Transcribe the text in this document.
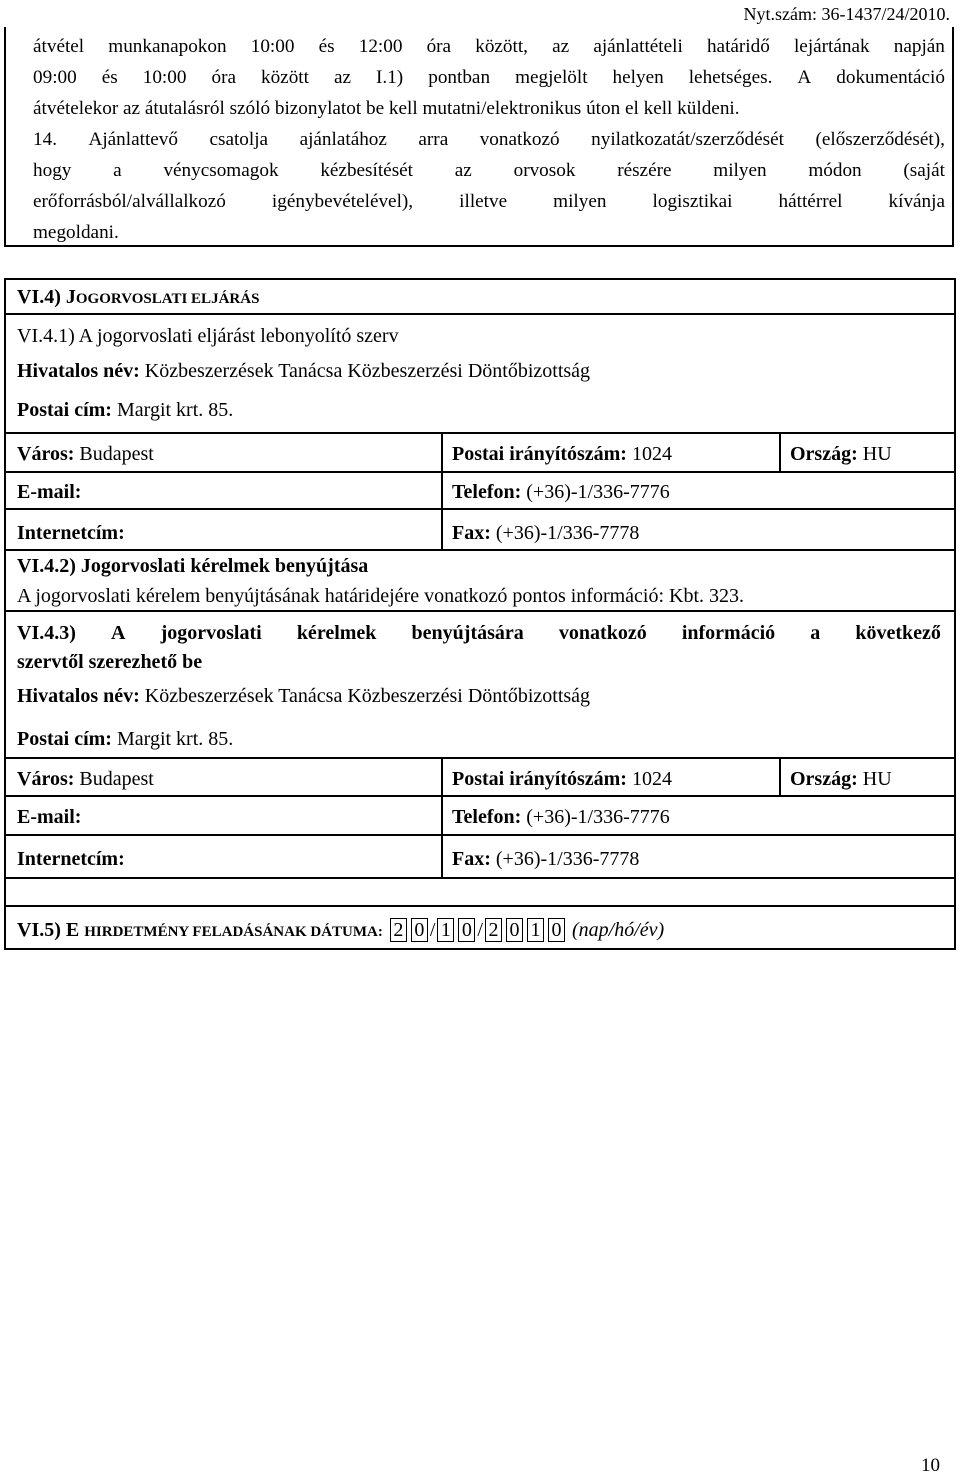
Nyt.szám: 36-1437/24/2010.
átvétel munkanapokon 10:00 és 12:00 óra között, az ajánlattételi határidő lejártának napján
09:00 és 10:00 óra között az I.1) pontban megjelölt helyen lehetséges. A dokumentáció
átvételekor az átutalásról szóló bizonylatot be kell mutatni/elektronikus úton el kell küldeni.
14. Ajánlattevő csatolja ajánlatához arra vonatkozó nyilatkozatát/szerződését (előszerződését),
hogy a vénycsomagok kézbesítését az orvosok részére milyen módon (saját
erőforrásból/alvállalkozó igénybevételével), illetve milyen logisztikai háttérrel kívánja
megoldani.
VI.4) JOGORVOSLATI ELJÁRÁS
VI.4.1) A jogorvoslati eljárást lebonyolító szerv
Hivatalos név: Közbeszerzések Tanácsa Közbeszerzési Döntőbizottság
Postai cím: Margit krt. 85.
Város: Budapest	Postai irányítószám: 1024	Ország: HU
E-mail:	Telefon: (+36)-1/336-7776
Internetcím:	Fax: (+36)-1/336-7778
VI.4.2) Jogorvoslati kérelmek benyújtása
A jogorvoslati kérelem benyújtásának határidejére vonatkozó pontos információ: Kbt. 323.
VI.4.3) A jogorvoslati kérelmek benyújtására vonatkozó információ a következő
szervtől szerezhető be
Hivatalos név: Közbeszerzések Tanácsa Közbeszerzési Döntőbizottság
Postai cím: Margit krt. 85.
Város: Budapest	Postai irányítószám: 1024	Ország: HU
E-mail:	Telefon: (+36)-1/336-7776
Internetcím:	Fax: (+36)-1/336-7778
VI.5) E HIRDETMÉNY FELADÁSÁNAK DÁTUMA: 2 0 / 1 0 / 2 0 1 0 (nap/hó/év)
10
